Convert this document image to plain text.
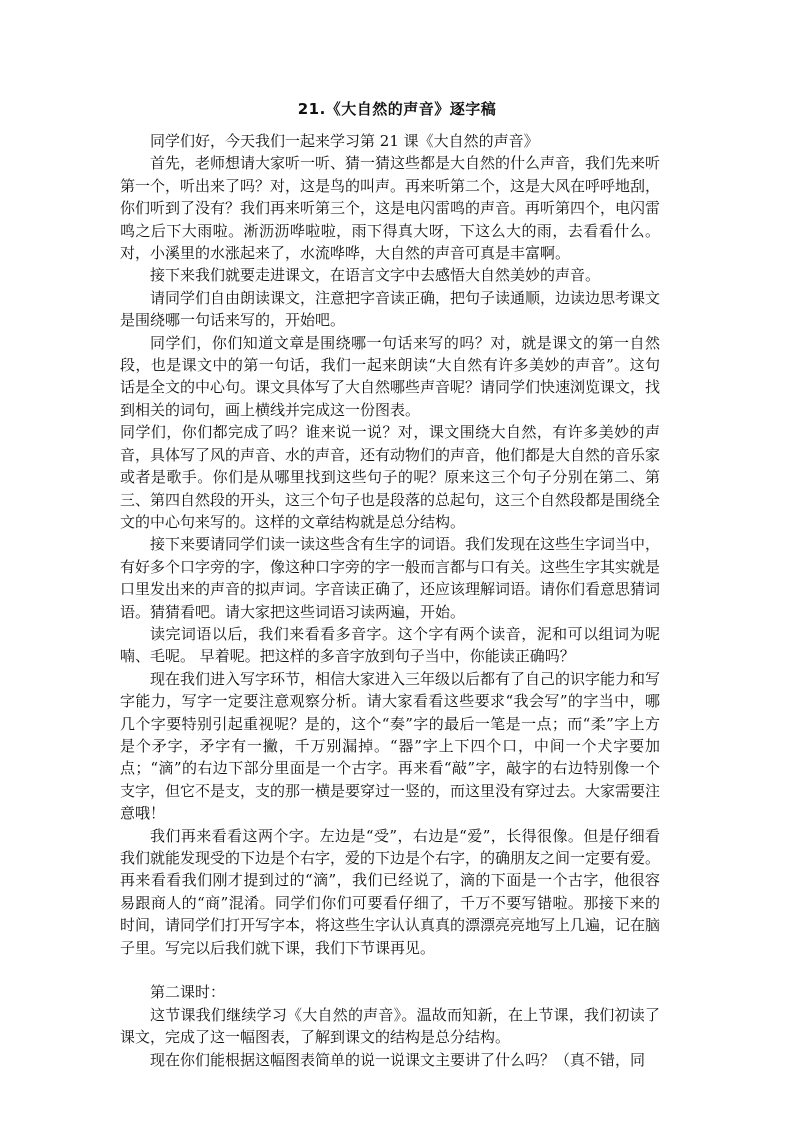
21.《大自然的声音》逐字稿

同学们好，今天我们一起来学习第 21 课《大自然的声音》

首先，老师想请大家听一听、猜一猜这些都是大自然的什么声音，我们先来听第一个，听出来了吗？对，这是鸟的叫声。再来听第二个，这是大风在呼呼地刮，你们听到了没有？我们再来听第三个，这是电闪雷鸣的声音。再听第四个，电闪雷鸣之后下大雨啦。淅沥沥哗啦啦，雨下得真大呀，下这么大的雨，去看看什么。对，小溪里的水涨起来了，水流哗哗，大自然的声音可真是丰富啊。

接下来我们就要走进课文，在语言文字中去感悟大自然美妙的声音。

请同学们自由朗读课文，注意把字音读正确，把句子读通顺，边读边思考课文是围绕哪一句话来写的，开始吧。

同学们，你们知道文章是围绕哪一句话来写的吗？对，就是课文的第一自然段，也是课文中的第一句话，我们一起来朗读“大自然有许多美妙的声音”。这句话是全文的中心句。课文具体写了大自然哪些声音呢？请同学们快速浏览课文，找到相关的词句，画上横线并完成这一份图表。

同学们，你们都完成了吗？谁来说一说？对，课文围绕大自然，有许多美妙的声音，具体写了风的声音、水的声音，还有动物们的声音，他们都是大自然的音乐家或者是歌手。你们是从哪里找到这些句子的呢？原来这三个句子分别在第二、第三、第四自然段的开头，这三个句子也是段落的总起句，这三个自然段都是围绕全文的中心句来写的。这样的文章结构就是总分结构。

接下来要请同学们读一读这些含有生字的词语。我们发现在这些生字词当中，有好多个口字旁的字，像这种口字旁的字一般而言都与口有关。这些生字其实就是口里发出来的声音的拟声词。字音读正确了，还应该理解词语。请你们看意思猜词语。猜猜看吧。请大家把这些词语习读两遍，开始。

读完词语以后，我们来看看多音字。这个字有两个读音，泥和可以组词为呢喃、毛呢。 早着呢。把这样的多音字放到句子当中，你能读正确吗？

现在我们进入写字环节，相信大家进入三年级以后都有了自己的识字能力和写字能力，写字一定要注意观察分析。请大家看看这些要求“我会写”的字当中，哪几个字要特别引起重视呢？是的，这个“奏”字的最后一笔是一点；而“柔”字上方是个矛字，矛字有一撇，千万别漏掉。“器”字上下四个口，中间一个犬字要加点；“滴”的右边下部分里面是一个古字。再来看“敲”字，敲字的右边特别像一个支字，但它不是支，支的那一横是要穿过一竖的，而这里没有穿过去。大家需要注意哦！

我们再来看看这两个字。左边是“受”，右边是“爱”，长得很像。但是仔细看我们就能发现受的下边是个右字，爱的下边是个右字，的确朋友之间一定要有爱。再来看看我们刚才提到过的“滴”，我们已经说了，滴的下面是一个古字，他很容易跟商人的“商”混淆。同学们你们可要看仔细了，千万不要写错啦。那接下来的时间，请同学们打开写字本，将这些生字认认真真的漂漂亮亮地写上几遍，记在脑子里。写完以后我们就下课，我们下节课再见。

第二课时：

这节课我们继续学习《大自然的声音》。温故而知新，在上节课，我们初读了课文，完成了这一幅图表，了解到课文的结构是总分结构。

现在你们能根据这幅图表简单的说一说课文主要讲了什么吗？（真不错，同
